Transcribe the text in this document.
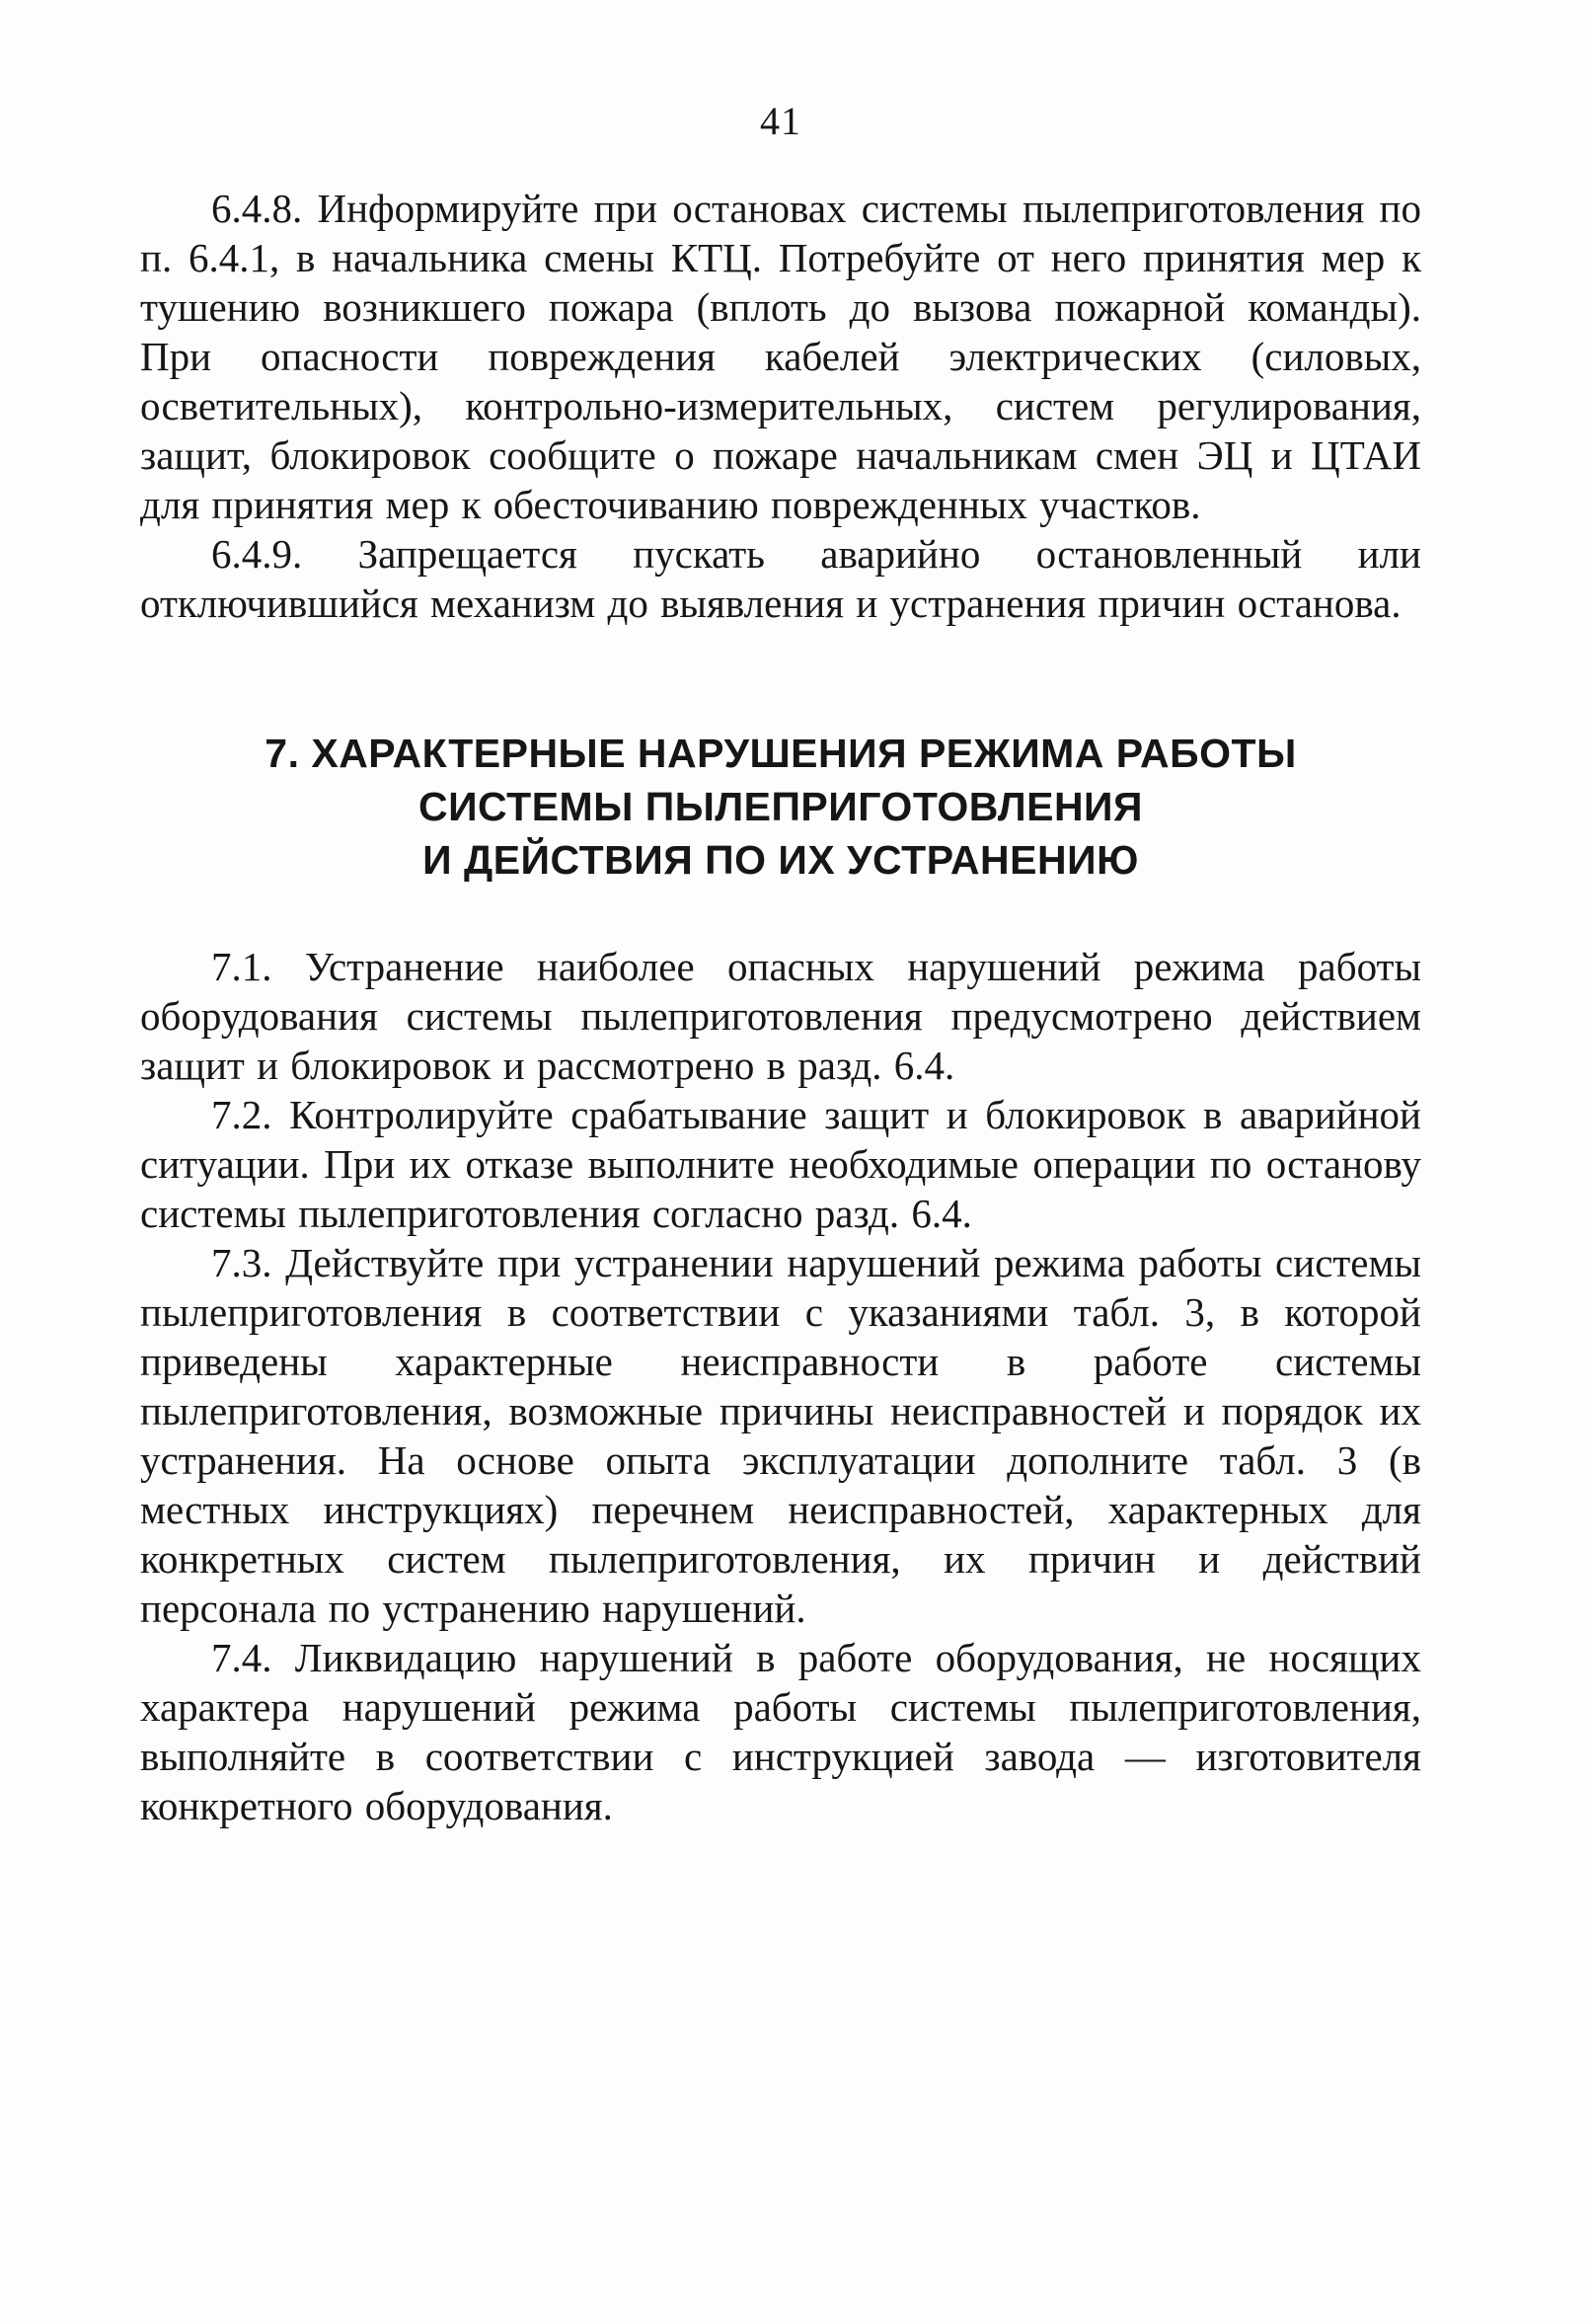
41

6.4.8. Информируйте при остановах системы пылеприготовления по п. 6.4.1, в начальника смены КТЦ. Потребуйте от него принятия мер к тушению возникшего пожара (вплоть до вызова пожарной команды). При опасности повреждения кабелей электрических (силовых, осветительных), контрольно-измерительных, систем регулирования, защит, блокировок сообщите о пожаре начальникам смен ЭЦ и ЦТАИ для принятия мер к обесточиванию поврежденных участков.

6.4.9. Запрещается пускать аварийно остановленный или отключившийся механизм до выявления и устранения причин останова.

7. ХАРАКТЕРНЫЕ НАРУШЕНИЯ РЕЖИМА РАБОТЫ
СИСТЕМЫ ПЫЛЕПРИГОТОВЛЕНИЯ
И ДЕЙСТВИЯ ПО ИХ УСТРАНЕНИЮ

7.1. Устранение наиболее опасных нарушений режима работы оборудования системы пылеприготовления предусмотрено действием защит и блокировок и рассмотрено в разд. 6.4.

7.2. Контролируйте срабатывание защит и блокировок в аварийной ситуации. При их отказе выполните необходимые операции по останову системы пылеприготовления согласно разд. 6.4.

7.3. Действуйте при устранении нарушений режима работы системы пылеприготовления в соответствии с указаниями табл. 3, в которой приведены характерные неисправности в работе системы пылеприготовления, возможные причины неисправностей и порядок их устранения. На основе опыта эксплуатации дополните табл. 3 (в местных инструкциях) перечнем неисправностей, характерных для конкретных систем пылеприготовления, их причин и действий персонала по устранению нарушений.

7.4. Ликвидацию нарушений в работе оборудования, не носящих характера нарушений режима работы системы пылеприготовления, выполняйте в соответствии с инструкцией завода — изготовителя конкретного оборудования.
